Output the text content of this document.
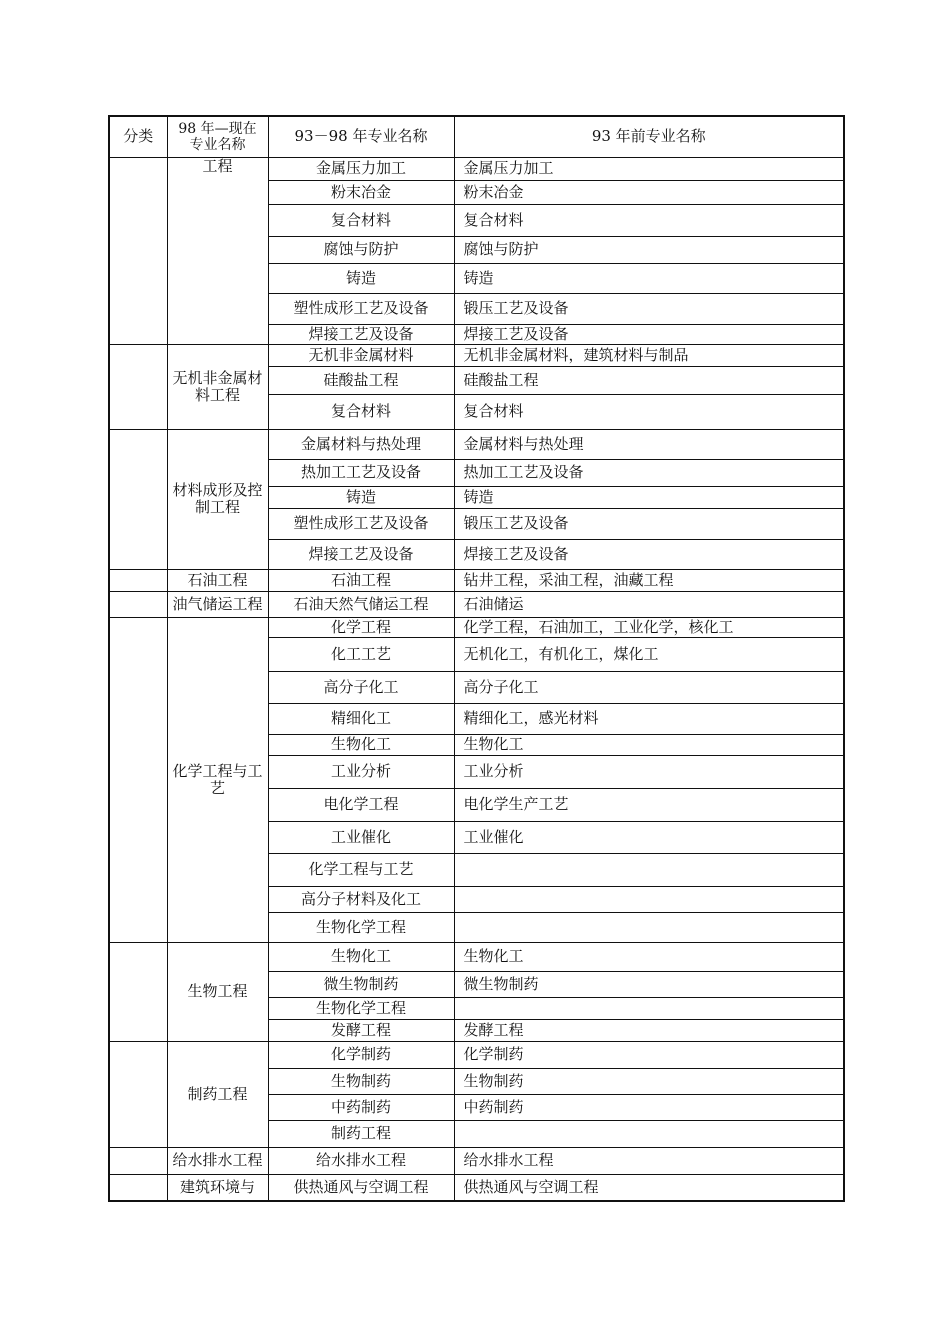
分类	98 年—现在专业名称	93－98 年专业名称	93 年前专业名称
	工程	金属压力加工	金属压力加工
		粉末冶金	粉末冶金
		复合材料	复合材料
		腐蚀与防护	腐蚀与防护
		铸造	铸造
		塑性成形工艺及设备	锻压工艺及设备
		焊接工艺及设备	焊接工艺及设备
	无机非金属材料工程	无机非金属材料	无机非金属材料，建筑材料与制品
		硅酸盐工程	硅酸盐工程
		复合材料	复合材料
	材料成形及控制工程	金属材料与热处理	金属材料与热处理
		热加工工艺及设备	热加工工艺及设备
		铸造	铸造
		塑性成形工艺及设备	锻压工艺及设备
		焊接工艺及设备	焊接工艺及设备
	石油工程	石油工程	钻井工程，采油工程，油藏工程
	油气储运工程	石油天然气储运工程	石油储运
	化学工程与工艺	化学工程	化学工程，石油加工，工业化学，核化工
		化工工艺	无机化工，有机化工，煤化工
		高分子化工	高分子化工
		精细化工	精细化工，感光材料
		生物化工	生物化工
		工业分析	工业分析
		电化学工程	电化学生产工艺
		工业催化	工业催化
		化学工程与工艺	
		高分子材料及化工	
		生物化学工程	
	生物工程	生物化工	生物化工
		微生物制药	微生物制药
		生物化学工程	
		发酵工程	发酵工程
	制药工程	化学制药	化学制药
		生物制药	生物制药
		中药制药	中药制药
		制药工程	
	给水排水工程	给水排水工程	给水排水工程
	建筑环境与	供热通风与空调工程	供热通风与空调工程
